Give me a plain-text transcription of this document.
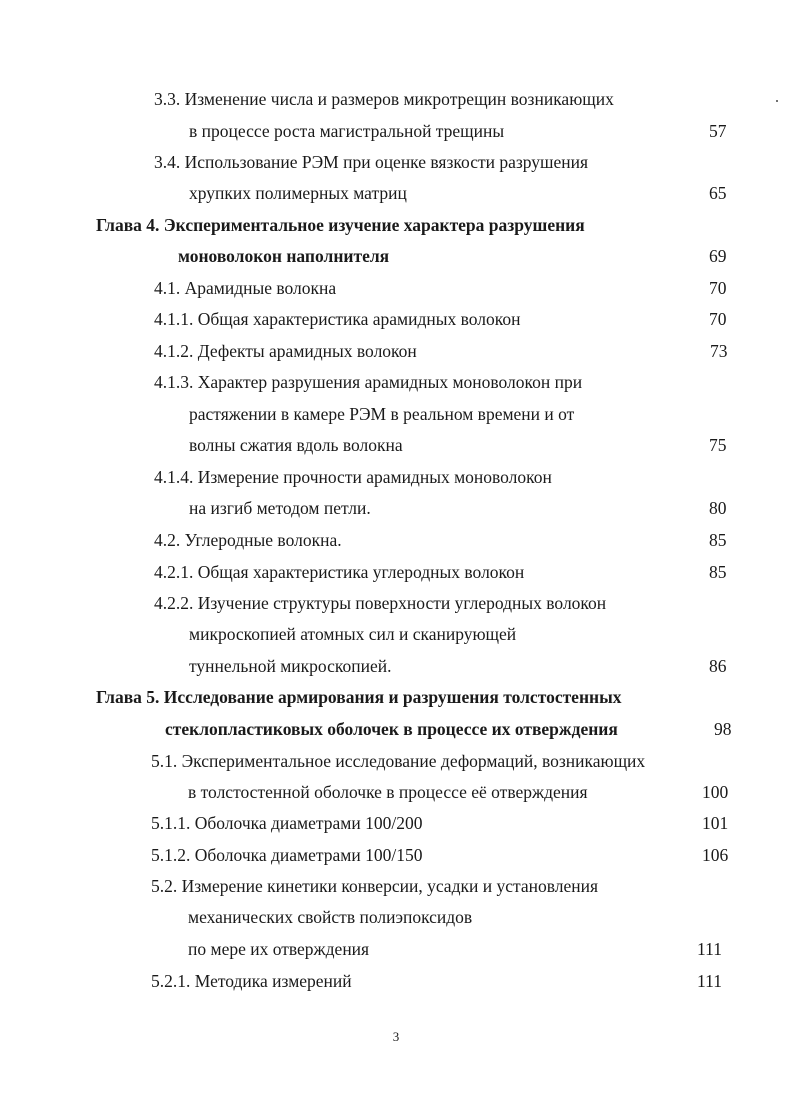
3.3. Изменение числа и размеров микротрещин возникающих

в процессе роста магистральной трещины	57

3.4. Использование РЭМ при оценке вязкости разрушения

хрупких полимерных матриц	65

Глава 4. Экспериментальное изучение характера разрушения

моноволокон наполнителя	69

4.1. Арамидные волокна	70

4.1.1. Общая характеристика арамидных волокон	70

4.1.2. Дефекты арамидных волокон	73

4.1.3. Характер разрушения арамидных моноволокон при

растяжении в камере РЭМ в реальном времени и от

волны сжатия вдоль волокна	75

4.1.4. Измерение прочности арамидных моноволокон

на изгиб методом петли.	80

4.2. Углеродные волокна.	85

4.2.1. Общая характеристика углеродных волокон	85

4.2.2. Изучение структуры поверхности углеродных волокон

микроскопией атомных сил и сканирующей

туннельной микроскопией.	86

Глава 5. Исследование армирования и разрушения толстостенных

стеклопластиковых оболочек в процессе их отверждения	98

5.1. Экспериментальное исследование деформаций, возникающих

в толстостенной оболочке в процессе её отверждения	100

5.1.1. Оболочка диаметрами 100/200	101

5.1.2. Оболочка диаметрами 100/150	106

5.2. Измерение кинетики конверсии, усадки и установления

механических свойств полиэпоксидов

по мере их отверждения	111

5.2.1. Методика измерений	111
3
